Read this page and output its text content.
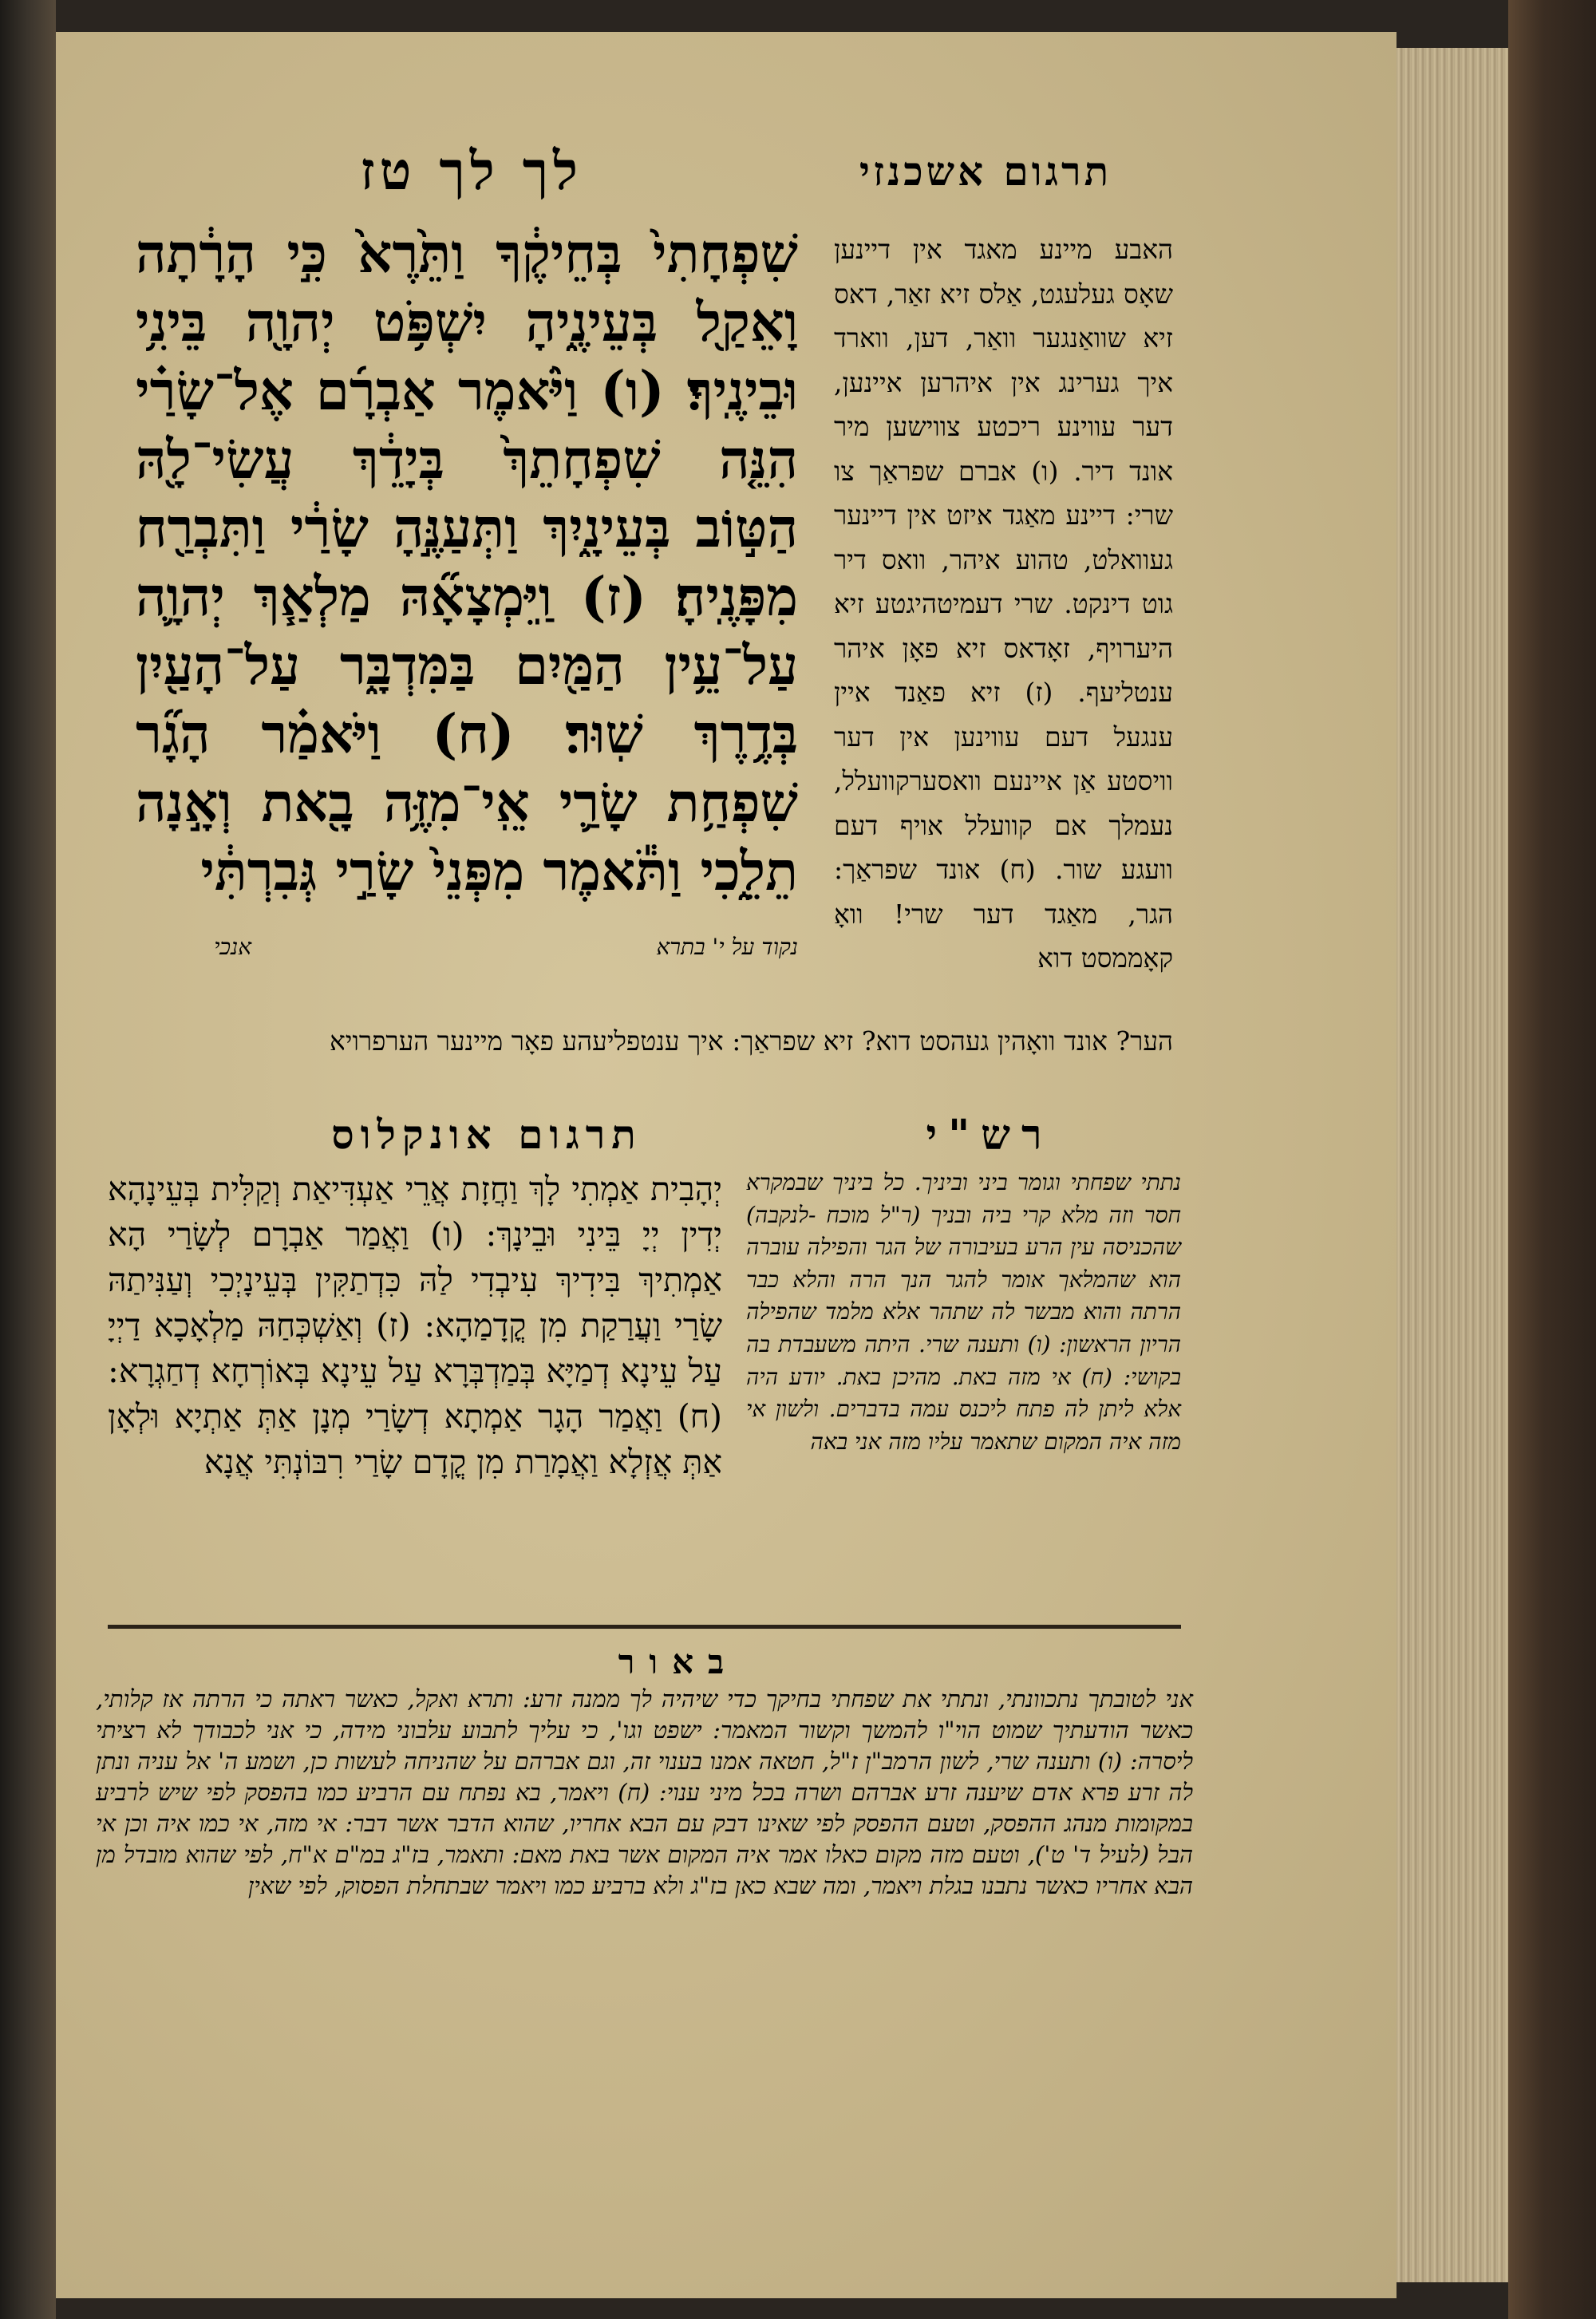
תרגום אשכנזי
לך לך טז

שִׁפְחָתִי֙ בְּחֵיקֶ֔ךָ וַתֵּ֙רֶא֙ כִּ֣י הָרָ֔תָה וָאֵקַ֖ל בְּעֵינֶ֑יהָ יִשְׁפֹּ֥ט יְהוָ֖ה בֵּינִ֥י וּבֵינֶֽיךָ׃ (ו) וַיֹּ֨אמֶר אַבְרָ֜ם אֶל־שָׂרַ֗י הִנֵּ֤ה שִׁפְחָתֵךְ֙ בְּיָדֵ֔ךְ עֲשִׂי־לָ֖הּ הַטּ֣וֹב בְּעֵינָ֑יִךְ וַתְּעַנֶּ֣הָ שָׂרַ֔י וַתִּבְרַ֖ח מִפָּנֶֽיהָ׃ (ז) וַֽיִּמְצָאָ֞הּ מַלְאַ֧ךְ יְהוָ֛ה עַל־עֵ֥ין הַמַּ֖יִם בַּמִּדְבָּ֑ר עַל־הָעַ֖יִן בְּדֶ֥רֶךְ שֽׁוּר׃ (ח) וַיֹּאמַ֗ר הָגָ֞ר שִׁפְחַ֥ת שָׂרַ֛י אֵֽי־מִזֶּ֥ה בָ֖את וְאָ֣נָה תֵלֵ֑כִי וַתֹּ֕אמֶר מִפְּנֵי֙ שָׂרַ֣י גְּבִרְתִּ֔י

נקוד על י' בתרא
אנכי

האבע מיינע מאגד אין דיינען שאָס געלעגט, אַלס זיא זאַר, דאס זיא שוואַנגער וואַר, דען, ווארד איך גערינג אין איהרען איינען, דער עווינע ריכטע צווישען מיר אונד דיר. (ו) אברם שפראַך צו שרי: דיינע מאַגד איזט אין דיינער געוואלט, טהוע איהר, וואס דיר גוט דינקט. שרי דעמיטהיגטע זיא היערויף, זאָדאס זיא פאָן איהר ענטליעף. (ז) זיא פאַנד איין ענגעל דעם עווינען אין דער וויסטע אַן איינעם וואסערקוועלל, נעמלך אם קוועלל אויף דעם וועגע שור. (ח) אונד שפראַך: הגר, מאַגד דער שרי! וואָ קאָממסט דוא

הער? אונד וואָהין געהסט דוא? זיא שפראַך: איך ענטפליעהע פאָר מיינער הערפרויא
רש"י
תרגום אונקלוס

יְהָבִית אַמְתִי לָךְ וַחֲזָת אֲרֵי אַעְדִּיאַת וְקַלִּית בְּעֵינָהָא יְדִין יְיָ בֵּינִי וּבֵינָךְ: (ו) וַאֲמַר אַבְרָם לְשָׂרַי הָא אַמְתִיךְ בִּידִיךְ עִיבְדִי לַהּ כִּדְתַקִּין בְּעֵינָיְכִי וְעַנִּיתַהּ שָׂרַי וַעֲרַקַת מִן קֳדָמַהָא: (ז) וְאַשְׁכְּחַהּ מַלְאָכָא דַיְיָ עַל עֵינָא דְמַיָּא בְּמַדְבְּרָא עַל עֵינָא בְּאוֹרְחָא דְחַגְרָא: (ח) וַאֲמַר הָגָר אַמְתָא דְשָׂרַי מְנָן אַתְּ אַתְיָא וּלְאָן אַתְּ אֲזְלָא וַאֲמָרַת מִן קֳדָם שָׂרַי רִבּוֹנְתִּי אֲנָא

נתתי שפחתי וגומר ביני וביניך. כל ביניך שבמקרא חסר וזה מלא קרי ביה ובניך (ר"ל מוכח -לנקבה) שהכניסה עין הרע בעיבורה של הגר והפילה עוברה הוא שהמלאך אומר להגר הנך הרה והלא כבר הרתה והוא מבשר לה שתהר אלא מלמד שהפילה הריון הראשון: (ו) ותענה שרי. היתה משעבדת בה בקושי: (ח) אי מזה באת. מהיכן באת. יודע היה אלא ליתן לה פתח ליכנס עמה בדברים. ולשון אי מזה איה המקום שתאמר עליו מזה אני באה

באור

אני לטובתך נתכוונתי, ונתתי את שפחתי בחיקך כדי שיהיה לך ממנה זרע: ותרא ואקל, כאשר ראתה כי הרתה אז קלותי, כאשר הודעתיך שמוט הוי"ו להמשך וקשור המאמר: ישפט וגו', כי עליך לתבוע עלבוני מידה, כי אני לכבודך לא רציתי ליסרה: (ו) ותענה שרי, לשון הרמב"ן ז"ל, חטאה אמנו בענוי זה, וגם אברהם על שהניחה לעשות כן, ושמע ה' אל עניה ונתן לה זרע פרא אדם שיענה זרע אברהם ושרה בכל מיני ענוי: (ח) ויאמר, בא נפתח עם הרביע כמו בהפסק לפי שיש לרביע במקומות מנהג ההפסק, וטעם ההפסק לפי שאינו דבק עם הבא אחריו, שהוא הדבר אשר דבר: אי מזה, אי כמו איה וכן אי הבל (לעיל ד' ט'), וטעם מזה מקום כאלו אמר איה המקום אשר באת מאם: ותאמר, בז"ג במ"ם א"ח, לפי שהוא מובדל מן הבא אחריו כאשר נתבנו בגלת ויאמר, ומה שבא כאן בז"ג ולא ברביע כמו ויאמר שבתחלת הפסוק, לפי שאין
